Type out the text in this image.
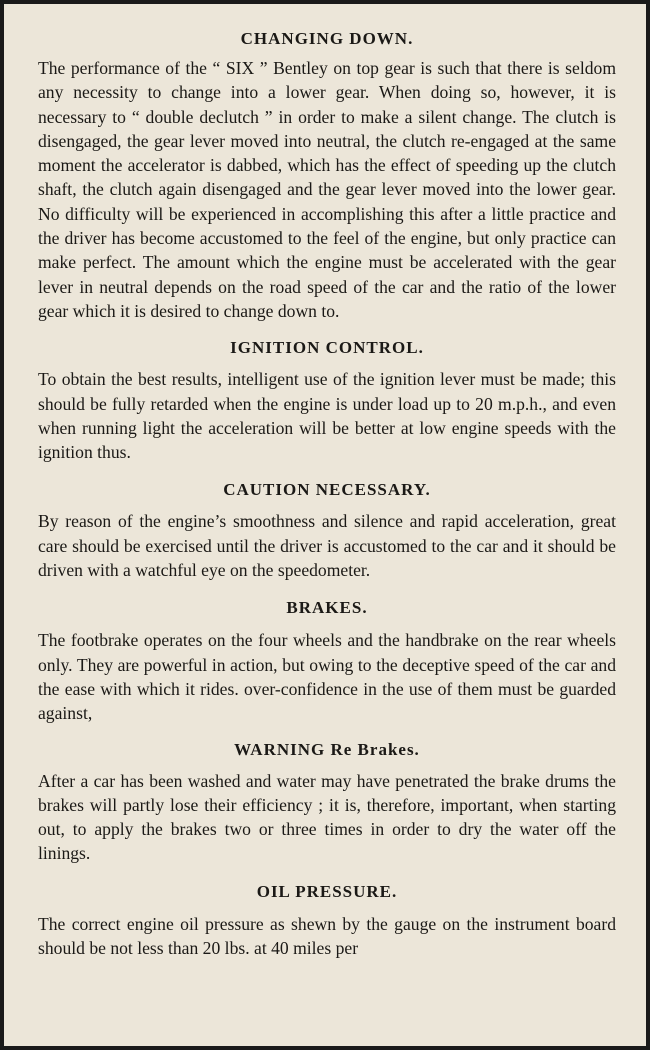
CHANGING DOWN.

The performance of the “ SIX ” Bentley on top gear is such that there is seldom any necessity to change into a lower gear. When doing so, however, it is necessary to “ double declutch ” in order to make a silent change. The clutch is disengaged, the gear lever moved into neutral, the clutch re-engaged at the same moment the accelerator is dabbed, which has the effect of speeding up the clutch shaft, the clutch again disengaged and the gear lever moved into the lower gear. No difficulty will be experienced in accomplishing this after a little practice and the driver has become accustomed to the feel of the engine, but only practice can make perfect. The amount which the engine must be accelerated with the gear lever in neutral depends on the road speed of the car and the ratio of the lower gear which it is desired to change down to.

IGNITION CONTROL.

To obtain the best results, intelligent use of the ignition lever must be made; this should be fully retarded when the engine is under load up to 20 m.p.h., and even when running light the acceleration will be better at low engine speeds with the ignition thus.

CAUTION NECESSARY.

By reason of the engine’s smoothness and silence and rapid acceleration, great care should be exercised until the driver is accustomed to the car and it should be driven with a watchful eye on the speedometer.

BRAKES.

The footbrake operates on the four wheels and the handbrake on the rear wheels only. They are powerful in action, but owing to the deceptive speed of the car and the ease with which it rides. over-confidence in the use of them must be guarded against,

WARNING Re Brakes.

After a car has been washed and water may have penetrated the brake drums the brakes will partly lose their efficiency ; it is, therefore, important, when starting out, to apply the brakes two or three times in order to dry the water off the linings.

OIL PRESSURE.

The correct engine oil pressure as shewn by the gauge on the instrument board should be not less than 20 lbs. at 40 miles per
